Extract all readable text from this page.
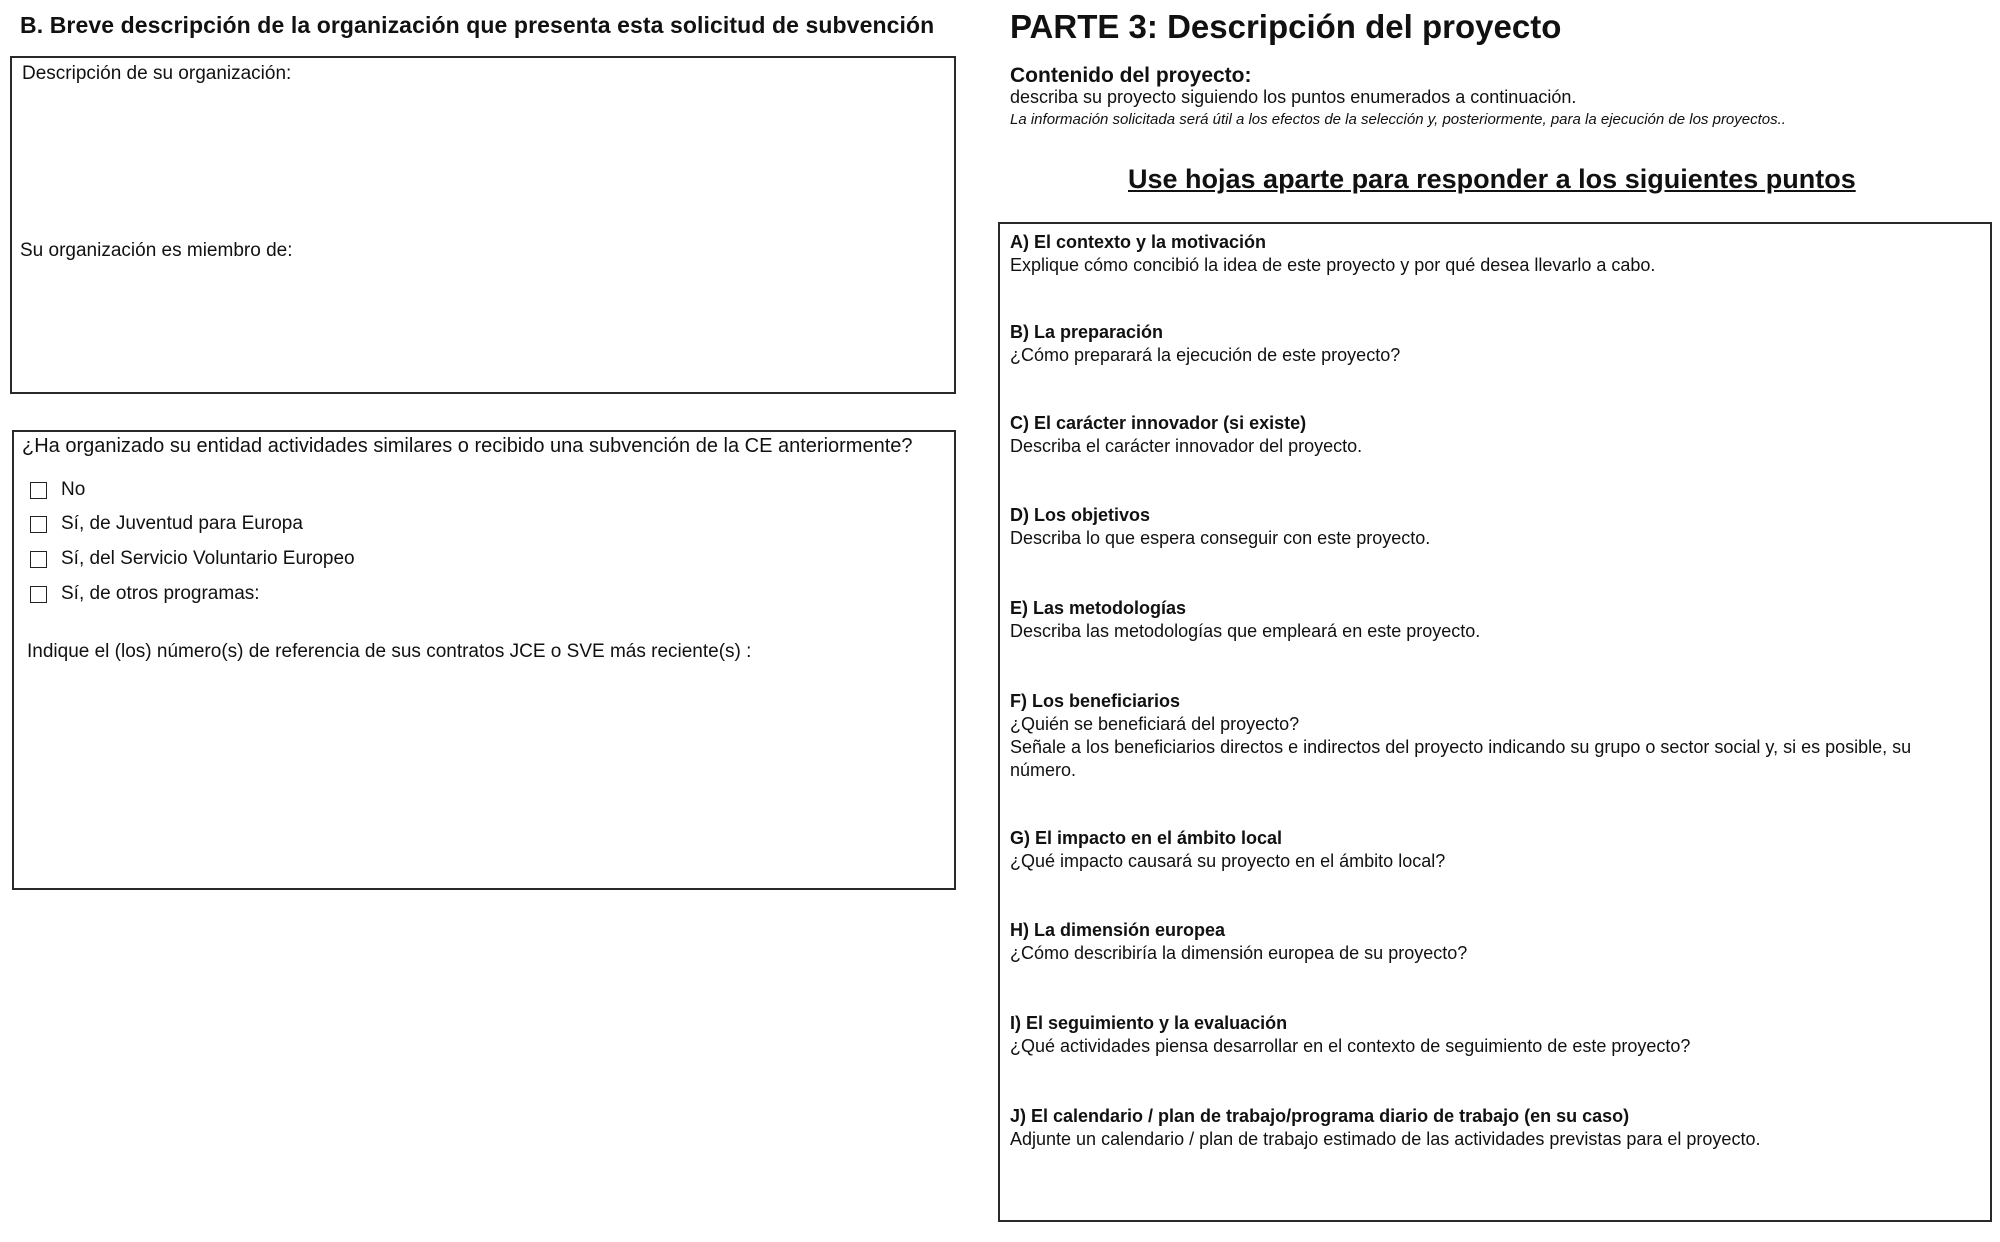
B. Breve descripción de la organización que presenta esta solicitud de subvención
Descripción de su organización:
Su organización es miembro de:
¿Ha organizado su entidad actividades similares o recibido una subvención de la CE anteriormente?
No
Sí, de Juventud para Europa
Sí, del Servicio Voluntario Europeo
Sí, de otros programas:
Indique el (los) número(s) de referencia de sus contratos JCE o SVE más reciente(s) :
PARTE 3: Descripción del proyecto
Contenido del proyecto:
describa su proyecto siguiendo los puntos enumerados a continuación.
La información solicitada será útil a los efectos de la selección y, posteriormente, para la ejecución de los proyectos..
Use hojas aparte para responder a los siguientes puntos
A) El contexto y la motivación
Explique cómo concibió la idea de este proyecto y por qué desea llevarlo a cabo.
B) La preparación
¿Cómo preparará la ejecución de este proyecto?
C) El carácter innovador (si existe)
Describa el carácter innovador del proyecto.
D) Los objetivos
Describa lo que espera conseguir con este proyecto.
E) Las metodologías
Describa las metodologías que empleará en este proyecto.
F) Los beneficiarios
¿Quién se beneficiará del proyecto?
Señale a los beneficiarios directos e indirectos del proyecto indicando su grupo o sector social y, si es posible, su número.
G) El impacto en el ámbito local
¿Qué impacto causará su proyecto en el ámbito local?
H) La dimensión europea
¿Cómo describiría la dimensión europea de su proyecto?
I) El seguimiento y la evaluación
¿Qué actividades piensa desarrollar en el contexto de seguimiento de este proyecto?
J) El calendario / plan de trabajo/programa diario de trabajo (en su caso)
Adjunte un calendario / plan de trabajo estimado de las actividades previstas para el proyecto.
